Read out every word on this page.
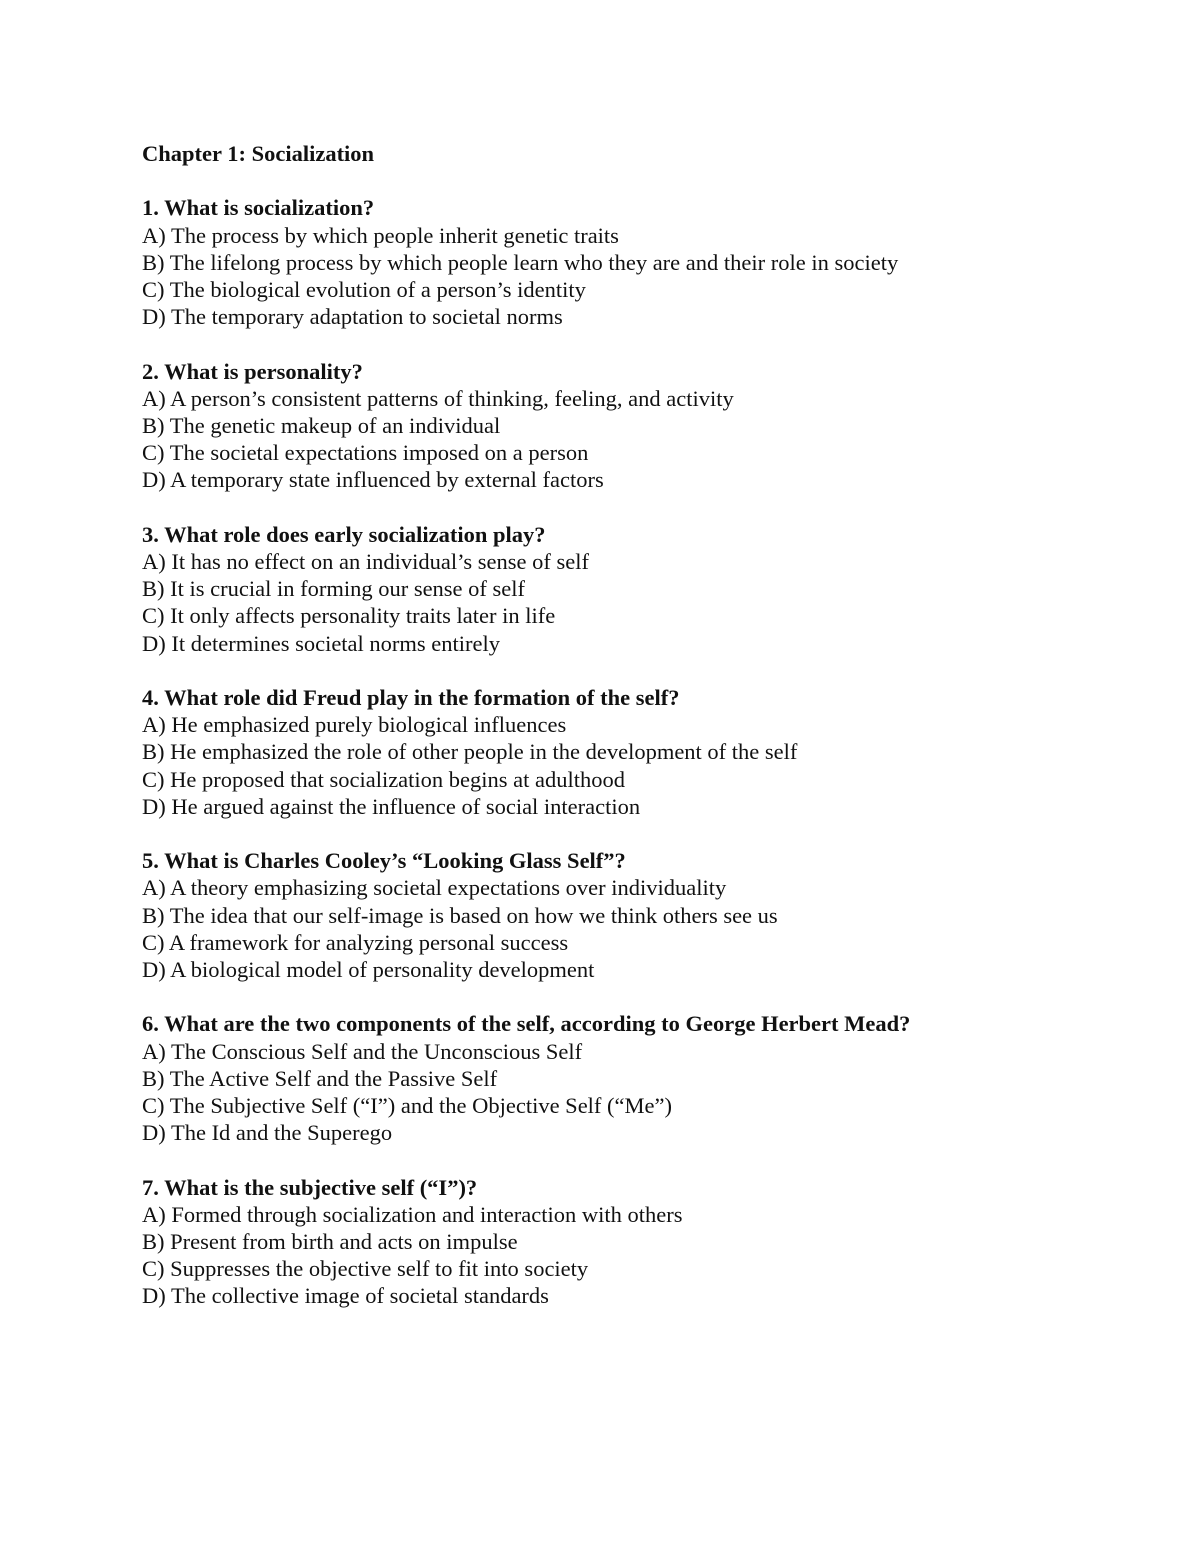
Chapter 1: Socialization
1. What is socialization?
A) The process by which people inherit genetic traits
B) The lifelong process by which people learn who they are and their role in society
C) The biological evolution of a person’s identity
D) The temporary adaptation to societal norms
2. What is personality?
A) A person’s consistent patterns of thinking, feeling, and activity
B) The genetic makeup of an individual
C) The societal expectations imposed on a person
D) A temporary state influenced by external factors
3. What role does early socialization play?
A) It has no effect on an individual’s sense of self
B) It is crucial in forming our sense of self
C) It only affects personality traits later in life
D) It determines societal norms entirely
4. What role did Freud play in the formation of the self?
A) He emphasized purely biological influences
B) He emphasized the role of other people in the development of the self
C) He proposed that socialization begins at adulthood
D) He argued against the influence of social interaction
5. What is Charles Cooley’s “Looking Glass Self”?
A) A theory emphasizing societal expectations over individuality
B) The idea that our self-image is based on how we think others see us
C) A framework for analyzing personal success
D) A biological model of personality development
6. What are the two components of the self, according to George Herbert Mead?
A) The Conscious Self and the Unconscious Self
B) The Active Self and the Passive Self
C) The Subjective Self (“I”) and the Objective Self (“Me”)
D) The Id and the Superego
7. What is the subjective self (“I”)?
A) Formed through socialization and interaction with others
B) Present from birth and acts on impulse
C) Suppresses the objective self to fit into society
D) The collective image of societal standards
